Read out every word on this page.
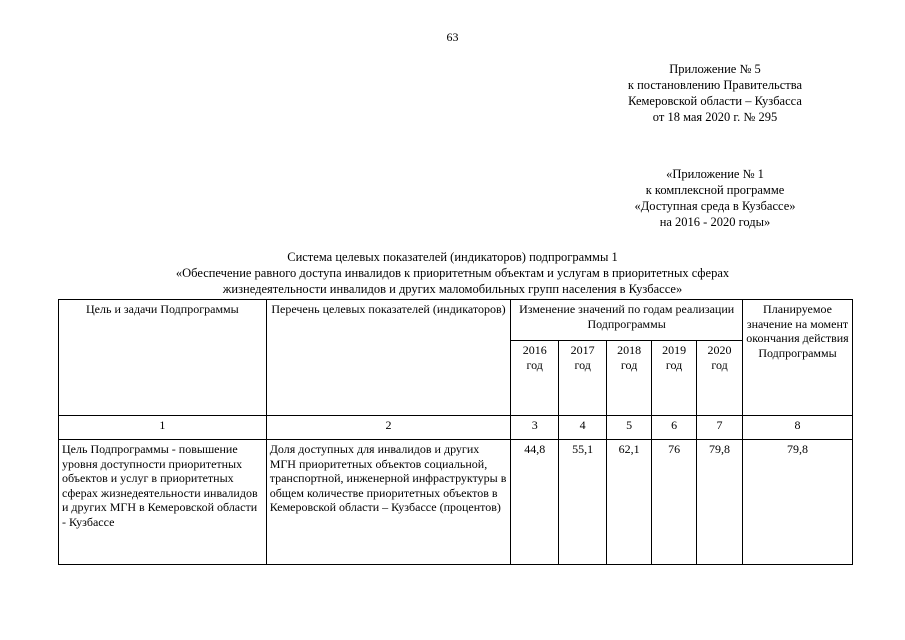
63
Приложение № 5
к постановлению Правительства
Кемеровской области – Кузбасса
от 18 мая 2020 г. № 295
«Приложение № 1
к комплексной программе
«Доступная среда в Кузбассе»
на 2016 - 2020 годы»
Система целевых показателей (индикаторов) подпрограммы 1
«Обеспечение равного доступа инвалидов к приоритетным объектам и услугам в приоритетных сферах
жизнедеятельности инвалидов и других маломобильных групп населения в Кузбассе»
Цель и задачи Подпрограммы	Перечень целевых показателей (индикаторов)	Изменение значений по годам реализации Подпрограммы					Планируемое значение на момент окончания действия Подпрограммы
		2016 год	2017 год	2018 год	2019 год	2020 год	
1	2	3	4	5	6	7	8
Цель Подпрограммы - повышение уровня доступности приоритетных объектов и услуг в приоритетных сферах жизнедеятельности инвалидов и других МГН в Кемеровской области - Кузбассе	Доля доступных для инвалидов и других МГН приоритетных объектов социальной, транспортной, инженерной инфраструктуры в общем количестве приоритетных объектов в Кемеровской области – Кузбассе (процентов)	44,8	55,1	62,1	76	79,8	79,8
